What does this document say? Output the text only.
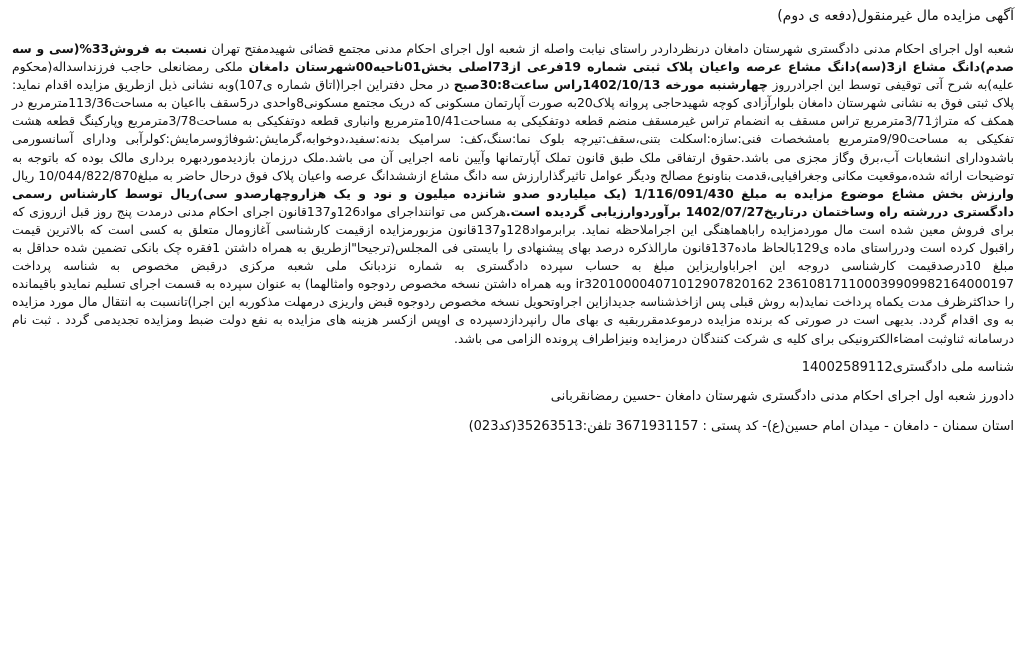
آگهی مزایده مال غیرمنقول(دفعه ی دوم)
شعبه اول اجرای احکام مدنی دادگستری شهرستان دامغان درنظرداردر راستای نیابت واصله از شعبه اول اجرای احکام مدنی مجتمع قضائی شهیدمفتح تهران نسبت به فروش33%(سی و سه صدم)دانگ مشاع از3(سه)دانگ مشاع عرصه واعیان پلاک ثبتی شماره 19فرعی از73اصلی بخش01ناحیه00شهرستان دامغان ملکی رمضانعلی حاجب فرزنداسداله(محکوم علیه)به شرح آتی توقیفی توسط این اجرادرروز چهارشنبه مورخه 1402/10/13راس ساعت30:8صبح در محل دفتراین اجرا(اتاق شماره ی107)وبه نشانی ذیل ازطریق مزایده اقدام نماید: پلاک ثبتی فوق به نشانی شهرستان دامغان بلوارآزادی کوچه شهیدحاجی پروانه پلاک20به صورت آپارتمان مسکونی که دریک مجتمع مسکونی8واحدی در5سقف بااعیان به مساحت113/36مترمربع در همکف که متراژ3/71مترمربع تراس مسقف به انضمام تراس غیرمسقف منضم قطعه دوتفکیکی به مساحت10/41مترمربع وانباری قطعه دوتفکیکی به مساحت3/78مترمربع وپارکینگ قطعه هشت تفکیکی به مساحت9/90مترمربع بامشخصات فنی:سازه:اسکلت بتنی،سقف:تیرچه بلوک نما:سنگ،کف: سرامیک بدنه:سفید،دوخوابه،گرمایش:شوفاژوسرمایش:کولرآبی ودارای آسانسورمی باشدودارای انشعابات آب،برق وگاز مجزی می باشد.حقوق ارتفاقی ملک طبق قانون تملک آپارتمانها وآیین نامه اجرایی آن می باشد.ملک درزمان بازدیدموردبهره برداری مالک بوده که باتوجه به توضیحات ارائه شده،موقعیت مکانی وجغرافیایی،قدمت بناونوع مصالح ودیگر عوامل تاثیرگذارارزش سه دانگ مشاع ازششدانگ عرصه واعیان پلاک فوق درحال حاضر به مبلغ10/044/822/870 ریال وارزش بخش مشاع موضوع مزایده به مبلغ 1/116/091/430 (یک میلیاردو صدو شانزده میلیون و نود و یک هزاروچهارصدو سی)ریال توسط کارشناس رسمی دادگستری دررشته راه وساختمان درتاریخ1402/07/27 برآوردوارزیابی گردیده است.هرکس می تواننداجرای مواد126و137قانون اجرای احکام مدنی درمدت پنج روز قبل ازروزی که برای فروش معین شده است مال موردمزایده راباهماهنگی این اجراملاحظه نماید. برابرمواد128و137قانون مزبورمزایده ازقیمت کارشناسی آغازومال متعلق به کسی است که بالاترین قیمت راقبول کرده است ودرراستای ماده ی129بالحاظ ماده137قانون مارالذکره درصد بهای پیشنهادی را بایستی فی المجلس(ترجیحا"ازطریق به همراه داشتن 1فقره چک بانکی تضمین شده حداقل به مبلغ 10درصدقیمت کارشناسی دروجه این اجراباواریزاین مبلغ به حساب سپرده دادگستری به شماره نزدبانک ملی شعبه مرکزی درقبض مخصوص به شناسه پرداخت 236108171100039909982164000197 ir320100004071012907820162 وبه همراه داشتن نسخه مخصوص ردوجوه وامثالهما) به عنوان سپرده به قسمت اجرای تسلیم نمایدو باقیمانده را حداکثرظرف مدت یکماه پرداخت نماید(به روش قبلی پس ازاخذشناسه جدیدازاین اجراوتحویل نسخه مخصوص ردوجوه قبض واریزی درمهلت مذکوربه این اجرا)تانسبت به انتقال مال مورد مزایده به وی اقدام گردد. بدیهی است در صورتی که برنده مزایده درموعدمقرربقیه ی بهای مال رانپردازدسپرده ی اوپس ازکسر هزینه های مزایده به نفع دولت ضبط ومزایده تجدیدمی گردد . ثبت نام درسامانه ثناوثبت امضاءالکترونیکی برای کلیه ی شرکت کنندگان درمزایده ونیزاطراف پرونده الزامی می باشد.
شناسه ملی دادگستری14002589112
دادورز شعبه اول اجرای احکام مدنی دادگستری شهرستان دامغان -حسین رمضانقربانی
استان سمنان - دامغان - میدان امام حسین(ع)- کد پستی : 3671931157 تلفن:35263513(کد023)
